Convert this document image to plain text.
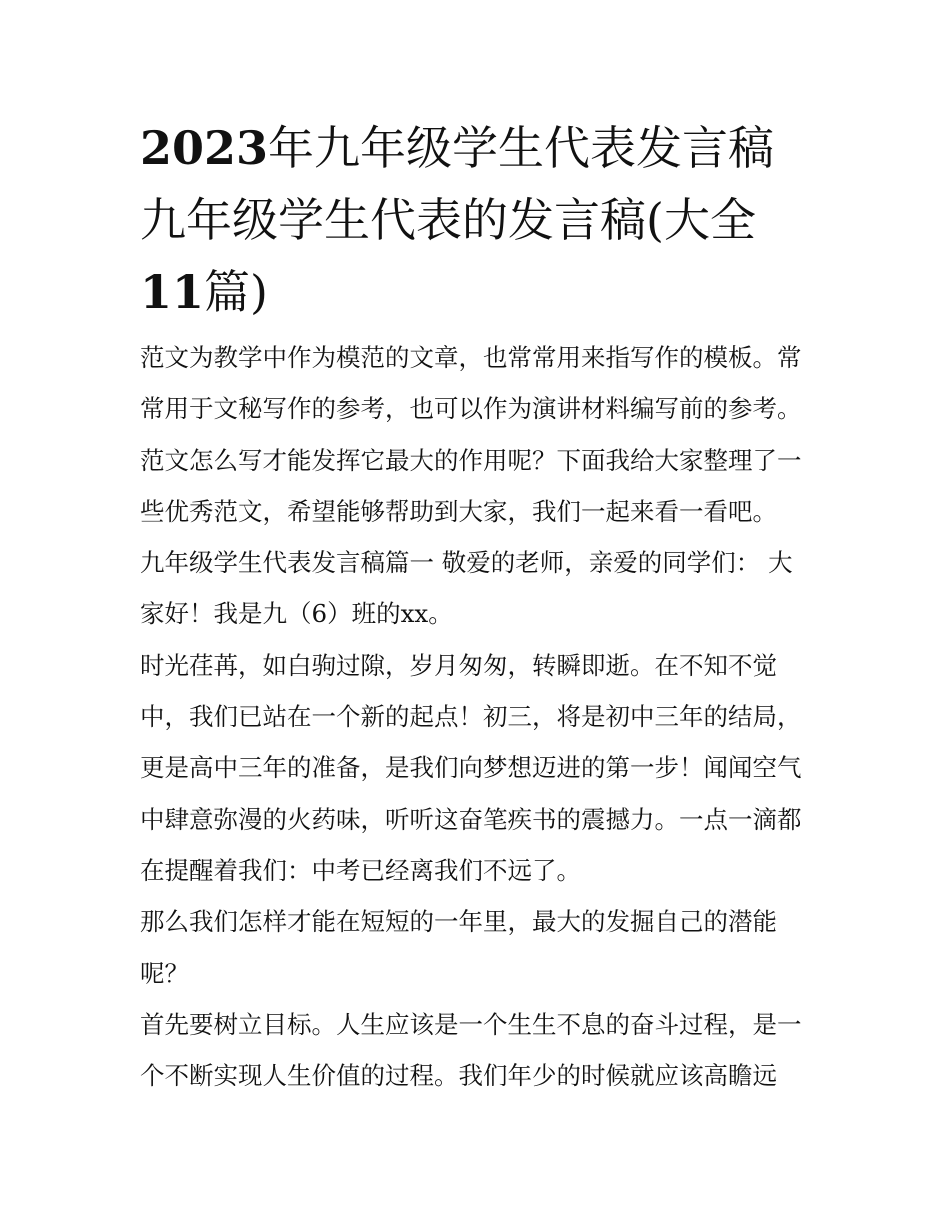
2023年九年级学生代表发言稿
九年级学生代表的发言稿(大全
11篇)

范文为教学中作为模范的文章，也常常用来指写作的模板。常常用于文秘写作的参考，也可以作为演讲材料编写前的参考。范文怎么写才能发挥它最大的作用呢？下面我给大家整理了一些优秀范文，希望能够帮助到大家，我们一起来看一看吧。

九年级学生代表发言稿篇一 敬爱的老师，亲爱的同学们： 大家好！我是九（6）班的xx。

时光荏苒，如白驹过隙，岁月匆匆，转瞬即逝。在不知不觉中，我们已站在一个新的起点！初三，将是初中三年的结局，更是高中三年的准备，是我们向梦想迈进的第一步！闻闻空气中肆意弥漫的火药味，听听这奋笔疾书的震撼力。一点一滴都在提醒着我们：中考已经离我们不远了。

那么我们怎样才能在短短的一年里，最大的发掘自己的潜能呢？

首先要树立目标。人生应该是一个生生不息的奋斗过程，是一个不断实现人生价值的过程。我们年少的时候就应该高瞻远
